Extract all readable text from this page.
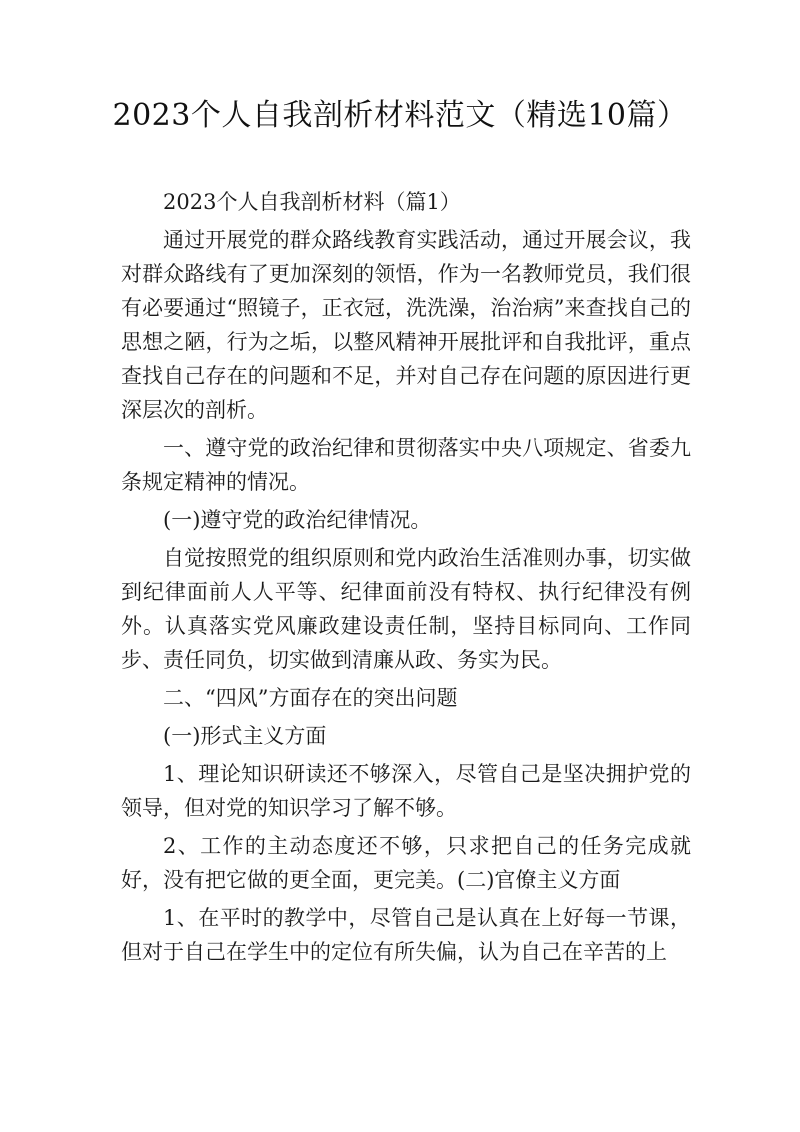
2023个人自我剖析材料范文（精选10篇）

2023个人自我剖析材料（篇1）

通过开展党的群众路线教育实践活动，通过开展会议，我对群众路线有了更加深刻的领悟，作为一名教师党员，我们很有必要通过“照镜子，正衣冠，洗洗澡，治治病”来查找自己的思想之陋，行为之垢，以整风精神开展批评和自我批评，重点查找自己存在的问题和不足，并对自己存在问题的原因进行更深层次的剖析。

一、遵守党的政治纪律和贯彻落实中央八项规定、省委九条规定精神的情况。

(一)遵守党的政治纪律情况。

自觉按照党的组织原则和党内政治生活准则办事，切实做到纪律面前人人平等、纪律面前没有特权、执行纪律没有例外。认真落实党风廉政建设责任制，坚持目标同向、工作同步、责任同负，切实做到清廉从政、务实为民。

二、“四风”方面存在的突出问题

(一)形式主义方面

1、理论知识研读还不够深入，尽管自己是坚决拥护党的领导，但对党的知识学习了解不够。

2、工作的主动态度还不够，只求把自己的任务完成就好，没有把它做的更全面，更完美。(二)官僚主义方面

1、在平时的教学中，尽管自己是认真在上好每一节课，但对于自己在学生中的定位有所失偏，认为自己在辛苦的上
